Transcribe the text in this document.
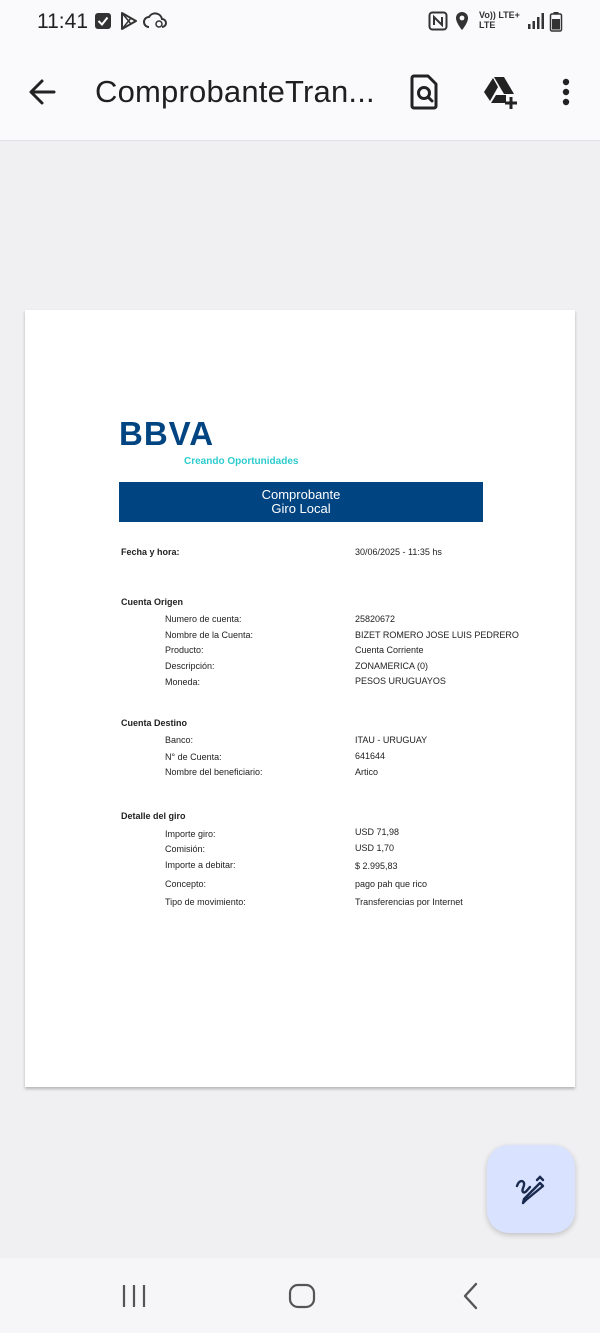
11:41	Vo)) LTE+
LTE
ComprobanteTran...
BBVA
Creando Oportunidades
Comprobante
Giro Local
Fecha y hora:	30/06/2025 - 11:35 hs
Cuenta Origen
Numero de cuenta:	25820672
Nombre de la Cuenta:	BIZET ROMERO JOSE LUIS PEDRERO
Producto:	Cuenta Corriente
Descripción:	ZONAMERICA (0)
Moneda:	PESOS URUGUAYOS
Cuenta Destino
Banco:	ITAU - URUGUAY
N° de Cuenta:	641644
Nombre del beneficiario:	Artico
Detalle del giro
Importe giro:	USD 71,98
Comisión:	USD 1,70
Importe a debitar:	$ 2.995,83
Concepto:	pago pah que rico
Tipo de movimiento:	Transferencias por Internet
